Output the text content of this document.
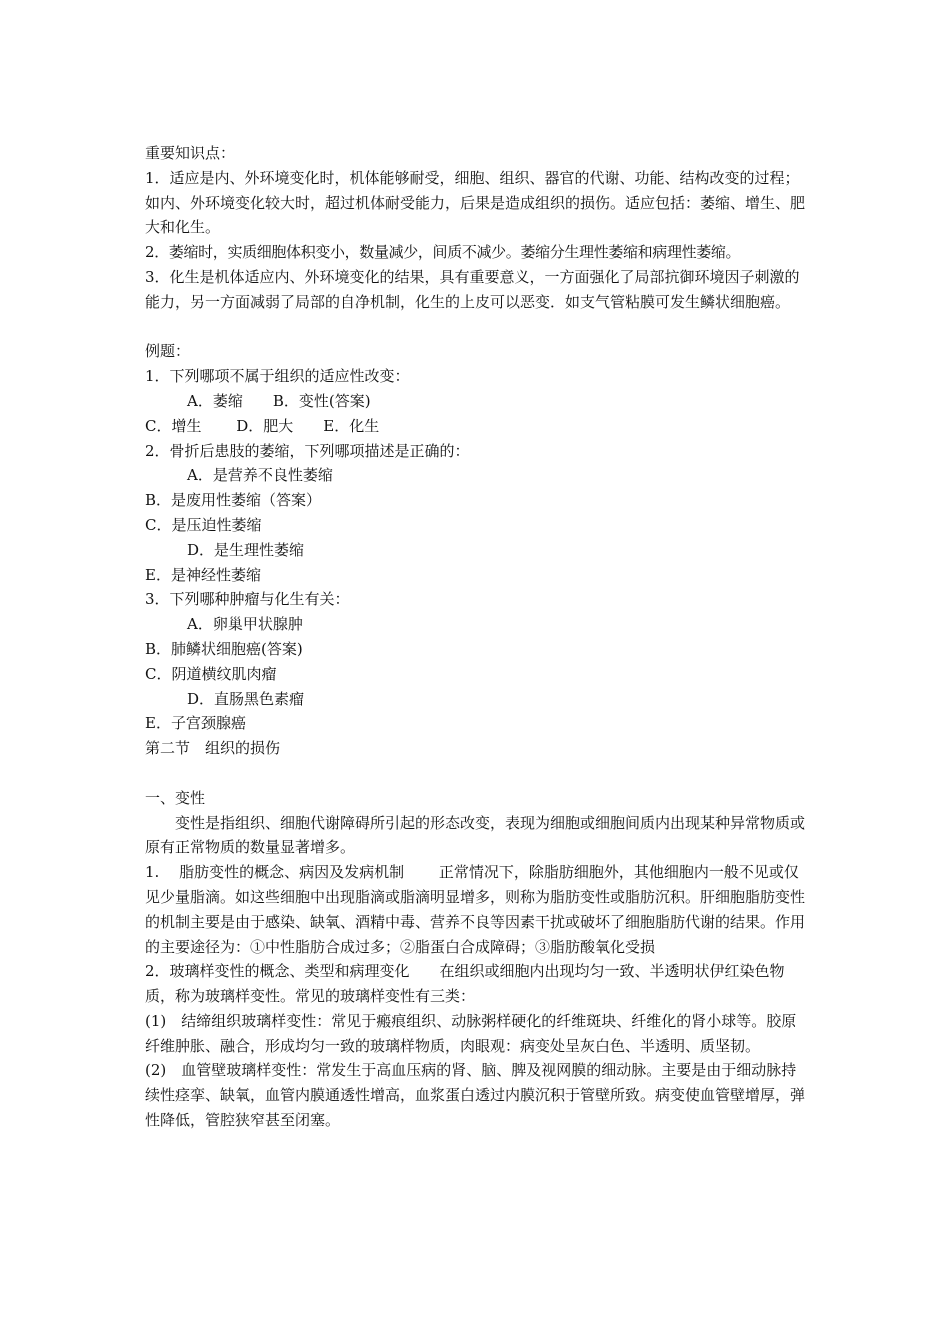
重要知识点：

1．适应是内、外环境变化时，机体能够耐受，细胞、组织、器官的代谢、功能、结构改变的过程；如内、外环境变化较大时，超过机体耐受能力，后果是造成组织的损伤。适应包括：萎缩、增生、肥大和化生。

2．萎缩时，实质细胞体积变小，数量减少，间质不减少。萎缩分生理性萎缩和病理性萎缩。

3．化生是机体适应内、外环境变化的结果，具有重要意义，一方面强化了局部抗御环境因子刺激的能力，另一方面减弱了局部的自净机制，化生的上皮可以恶变．如支气管粘膜可发生鳞状细胞癌。

例题：

1．下列哪项不属于组织的适应性改变：

A．萎缩　　B．变性(答案)

C．增生　　 D．肥大　　E．化生

2．骨折后患肢的萎缩，下列哪项描述是正确的：

A．是营养不良性萎缩

B．是废用性萎缩（答案）

C．是压迫性萎缩

D．是生理性萎缩

E．是神经性萎缩

3．下列哪种肿瘤与化生有关：

A．卵巢甲状腺肿

B．肺鳞状细胞癌(答案)

C．阴道横纹肌肉瘤

D．直肠黑色素瘤

E．子宫颈腺癌

第二节　组织的损伤

一、变性

变性是指组织、细胞代谢障碍所引起的形态改变，表现为细胞或细胞间质内出现某种异常物质或原有正常物质的数量显著增多。

1.　 脂肪变性的概念、病因及发病机制　　 正常情况下，除脂肪细胞外，其他细胞内一般不见或仅见少量脂滴。如这些细胞中出现脂滴或脂滴明显增多，则称为脂肪变性或脂肪沉积。肝细胞脂肪变性的机制主要是由于感染、缺氧、酒精中毒、营养不良等因素干扰或破坏了细胞脂肪代谢的结果。作用的主要途径为：①中性脂肪合成过多；②脂蛋白合成障碍；③脂肪酸氧化受损

2．玻璃样变性的概念、类型和病理变化　　在组织或细胞内出现均匀一致、半透明状伊红染色物质，称为玻璃样变性。常见的玻璃样变性有三类：

(1)　结缔组织玻璃样变性：常见于瘢痕组织、动脉粥样硬化的纤维斑块、纤维化的肾小球等。胶原纤维肿胀、融合，形成均匀一致的玻璃样物质，肉眼观：病变处呈灰白色、半透明、质坚韧。

(2)　血管壁玻璃样变性：常发生于高血压病的肾、脑、脾及视网膜的细动脉。主要是由于细动脉持续性痉挛、缺氧，血管内膜通透性增高，血浆蛋白透过内膜沉积于管壁所致。病变使血管壁增厚，弹性降低，管腔狭窄甚至闭塞。
